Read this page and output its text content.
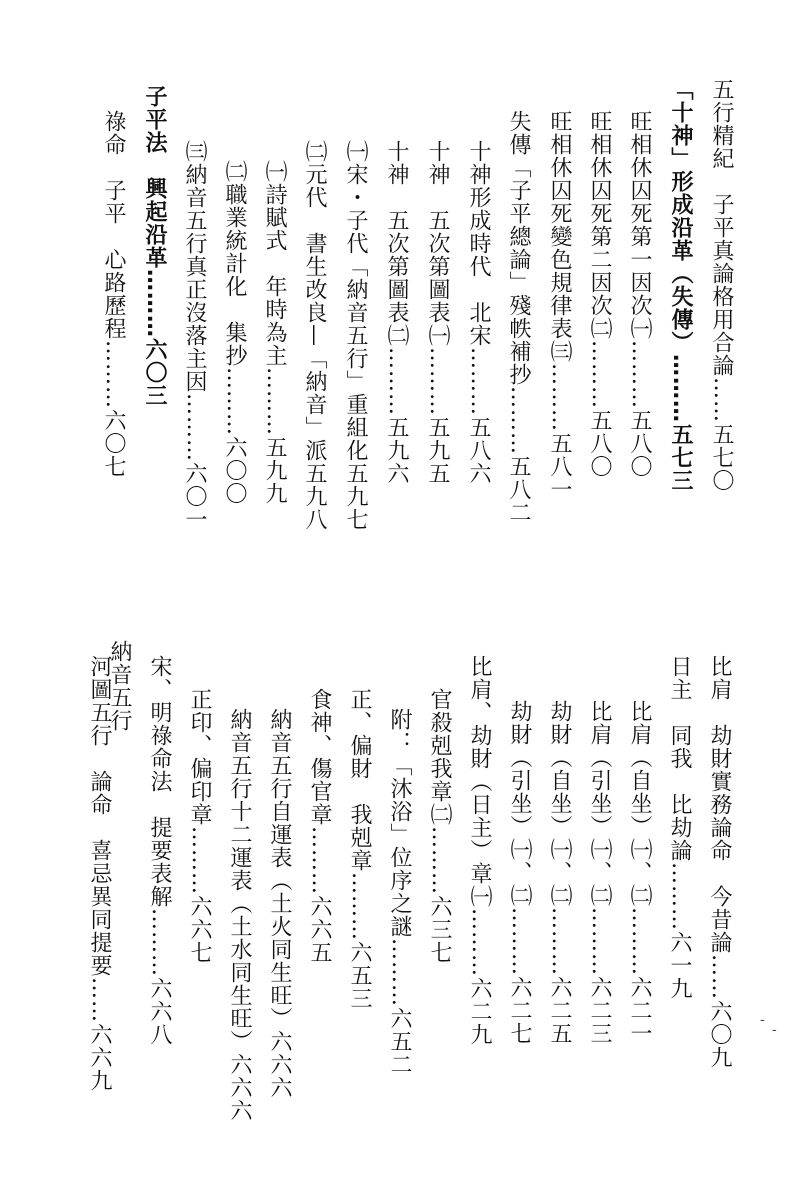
五行精紀　子平真論格用合論……五七〇
「十神」形成沿革（失傳）………五七三
旺相休囚死第一因次㈠………五八〇
旺相休囚死第二因次㈡………五八〇
旺相休囚死變色規律表㈢………五八一
失傳「子平總論」殘帙補抄………五八二
十神形成時代　北宋………五八六
十神　五次第圖表㈠………五九五
十神　五次第圖表㈡………五九六
㈠宋・子代「納音五行」重組化五九七
㈡元代　書生改良—「納音」派五九八
㈠詩賦式　年時為主………五九九
㈡職業統計化　集抄………六〇〇
㈢納音五行真正沒落主因………六〇一
子平法　興起沿革………六〇三
祿命　子平　心路歷程………六〇七
比肩　劫財實務論命　今昔論……六〇九
日主　同我　比劫論………六一九
比肩（自坐）㈠、㈡………六二一
比肩（引坐）㈠、㈡………六二三
劫財（自坐）㈠、㈡………六二五
劫財（引坐）㈠、㈡………六二七
比肩、劫財（日主）章㈠………六二九
官殺剋我章㈡………六三七
附：「沐浴」位序之謎………六五二
正、偏財　我剋章………六五三
食神、傷官章………六六五
納音五行自運表（土火同生旺）六六六
納音五行十二運表（土水同生旺）六六六
正印、偏印章………六六七
宋、明祿命法　提要表解………六六八
納音五行
河圖五行　論命　喜忌異同提要……六六九
-
-
